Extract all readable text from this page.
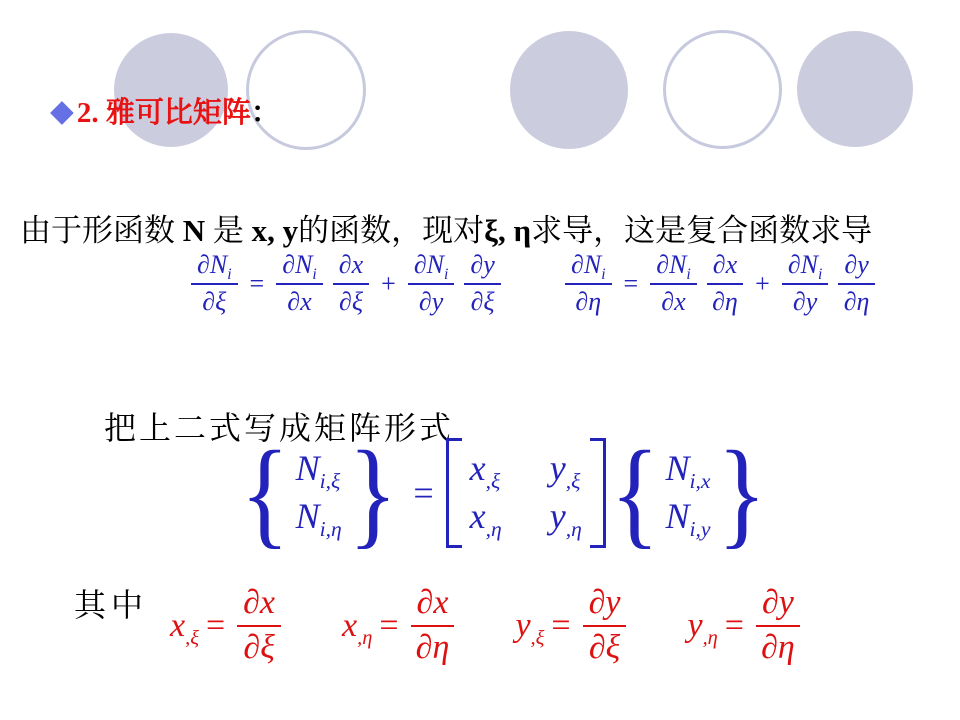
◆ 2. 雅可比矩阵 ：

由于形函数 N 是 x, y的函数，现对ξ, η求导，这是复合函数求导

$\frac{\partial N_i}{\partial\xi} = \frac{\partial N_i}{\partial x} \frac{\partial x}{\partial\xi} + \frac{\partial N_i}{\partial y} \frac{\partial y}{\partial\xi} \frac{\partial N_i}{\partial\eta} = \frac{\partial N_i}{\partial x} \frac{\partial x}{\partial\eta} + \frac{\partial N_i}{\partial y} \frac{\partial y}{\partial\eta}$

把上二式写成矩阵形式

{ $N_{i,\xi}$
$N_{i,\eta}$ } =
$x_{,\xi}$ $y_{,\xi}$
$x_{,\eta}$ $y_{,\eta}$ { $N_{i,x}$
$N_{i,y}$ }

其中

$x_{,\xi} = \frac{\partial x}{\partial\xi} x_{,\eta} = \frac{\partial x}{\partial\eta} y_{,\xi} = \frac{\partial y}{\partial\xi} y_{,\eta} = \frac{\partial y}{\partial\eta}$
